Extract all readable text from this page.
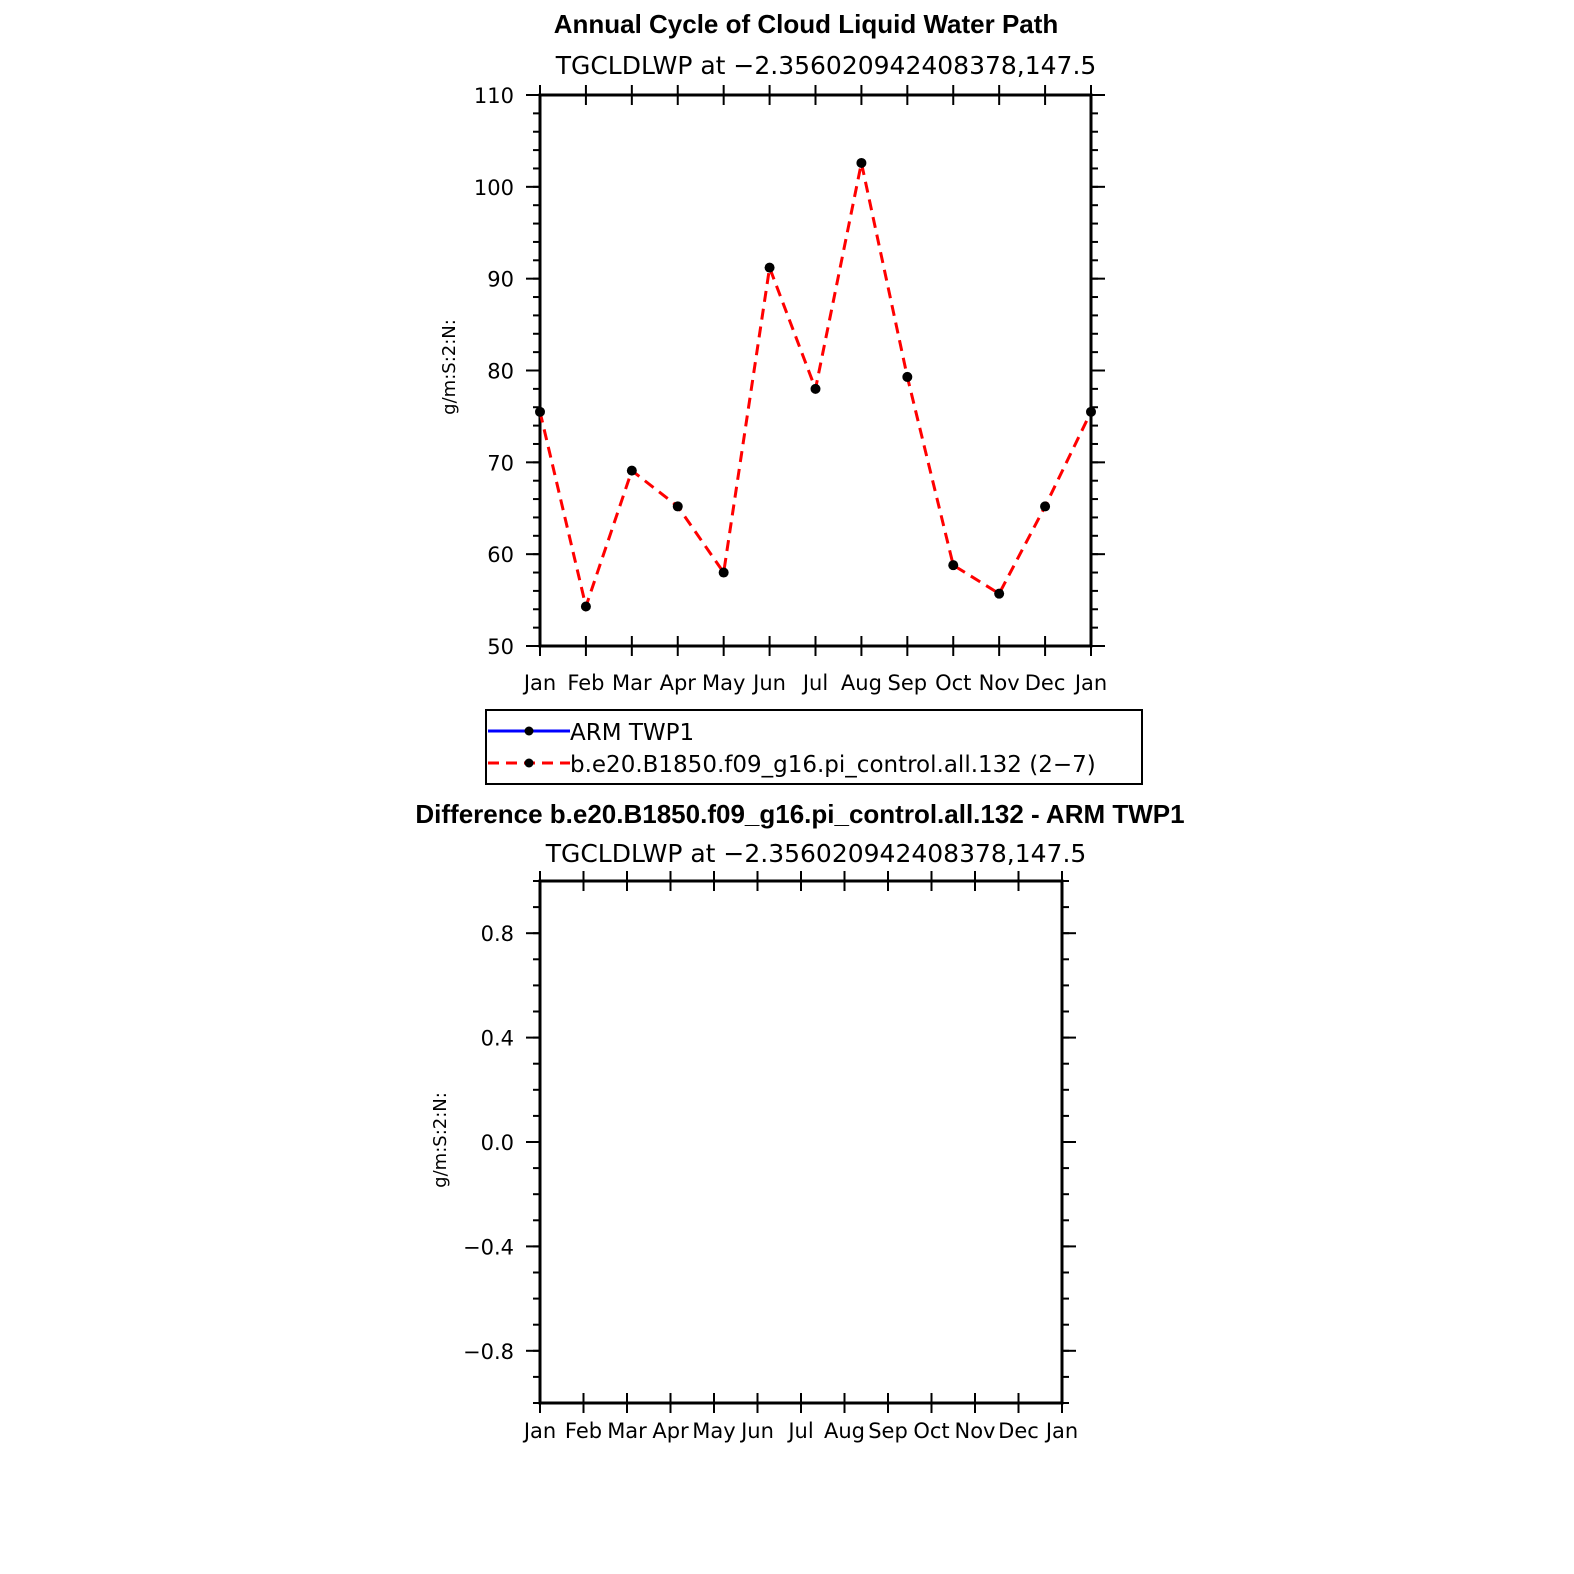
Annual Cycle of Cloud Liquid Water Path
TGCLDLWP at −2.356020942408378,147.5
g/m:S:2:N:
Jan Feb Mar Apr May Jun Jul Aug Sep Oct Nov Dec Jan
110
100
90
80
70
60
50
ARM TWP1
b.e20.B1850.f09_g16.pi_control.all.132 (2−7)
Difference b.e20.B1850.f09_g16.pi_control.all.132 - ARM TWP1
TGCLDLWP at −2.356020942408378,147.5
g/m:S:2:N:
Jan Feb Mar Apr May Jun Jul Aug Sep Oct Nov Dec Jan
0.8
0.4
0.0
−0.4
−0.8
